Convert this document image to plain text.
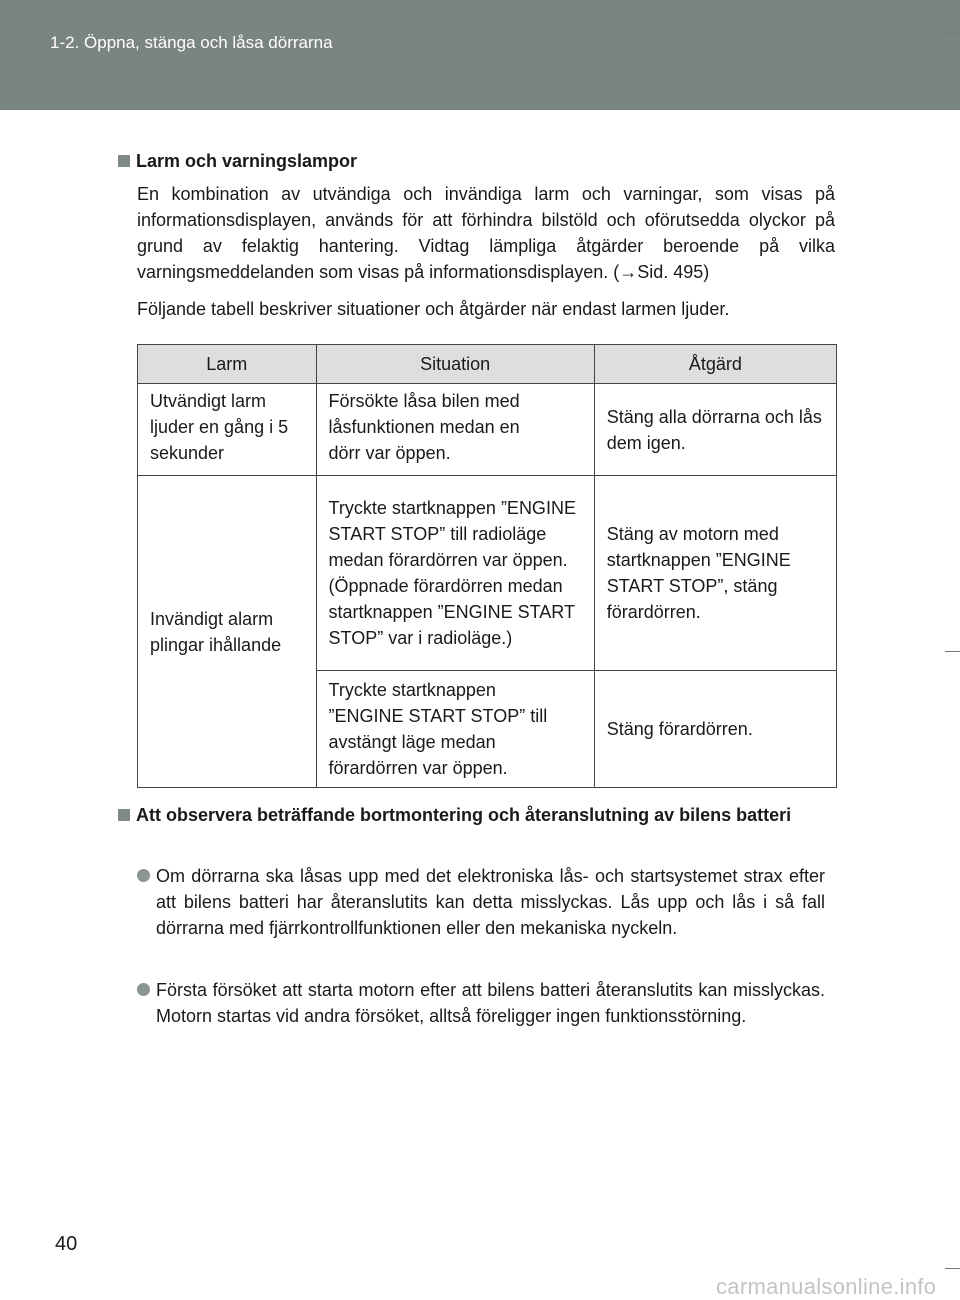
1-2. Öppna, stänga och låsa dörrarna
Larm och varningslampor
En kombination av utvändiga och invändiga larm och varningar, som visas på informationsdisplayen, används för att förhindra bilstöld och oförutsedda olyckor på grund av felaktig hantering. Vidtag lämpliga åtgärder beroende på vilka varningsmeddelanden som visas på informationsdisplayen. (→Sid. 495)
Följande tabell beskriver situationer och åtgärder när endast larmen ljuder.
Larm	Situation	Åtgärd
Utvändigt larm ljuder en gång i 5 sekunder	Försökte låsa bilen med låsfunktionen medan en dörr var öppen.	Stäng alla dörrarna och lås dem igen.
Invändigt alarm plingar ihållande	Tryckte startknappen ”ENGINE START STOP” till radioläge medan förardörren var öppen. (Öppnade förardörren medan startknappen ”ENGINE START STOP” var i radioläge.)	Stäng av motorn med startknappen ”ENGINE START STOP”, stäng förardörren.
	Tryckte startknappen ”ENGINE START STOP” till avstängt läge medan förardörren var öppen.	Stäng förardörren.
Att observera beträffande bortmontering och återanslutning av bilens batteri
Om dörrarna ska låsas upp med det elektroniska lås- och startsystemet strax efter att bilens batteri har återanslutits kan detta misslyckas. Lås upp och lås i så fall dörrarna med fjärrkontrollfunktionen eller den mekaniska nyckeln.
Första försöket att starta motorn efter att bilens batteri återanslutits kan misslyckas. Motorn startas vid andra försöket, alltså föreligger ingen funktionsstörning.
40
carmanualsonline.info
